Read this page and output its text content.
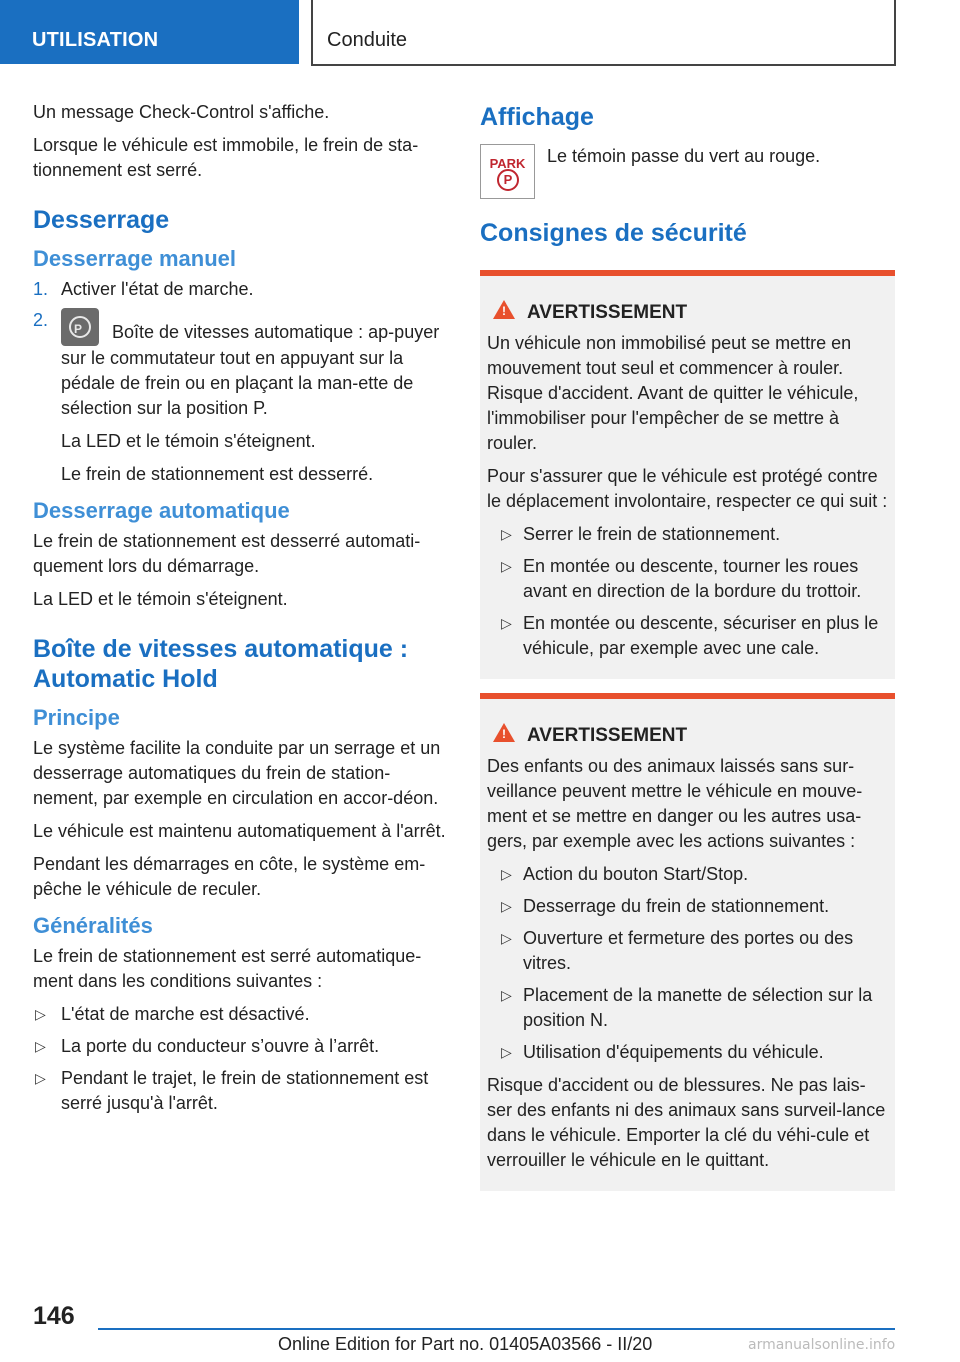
UTILISATION	Conduite

Un message Check-Control s'affiche.

Lorsque le véhicule est immobile, le frein de sta-tionnement est serré.

Desserrage
Desserrage manuel
1. Activer l'état de marche.
2.
P Boîte de vitesses automatique : ap-puyer sur le commutateur tout en appuyant sur la pédale de frein ou en plaçant la man-ette de sélection sur la position P.
La LED et le témoin s'éteignent.
Le frein de stationnement est desserré.
Desserrage automatique

Le frein de stationnement est desserré automati-quement lors du démarrage.

La LED et le témoin s'éteignent.

Boîte de vitesses automatique : Automatic Hold
Principe

Le système facilite la conduite par un serrage et un desserrage automatiques du frein de station-nement, par exemple en circulation en accor-déon.

Le véhicule est maintenu automatiquement à l'arrêt.

Pendant les démarrages en côte, le système em-pêche le véhicule de reculer.

Généralités

Le frein de stationnement est serré automatique-ment dans les conditions suivantes :

▷ L'état de marche est désactivé.
▷ La porte du conducteur s’ouvre à l’arrêt.
▷ Pendant le trajet, le frein de stationnement est serré jusqu'à l'arrêt.
Affichage
PARK
P
Le témoin passe du vert au rouge.
Consignes de sécurité
!AVERTISSEMENT

Un véhicule non immobilisé peut se mettre en mouvement tout seul et commencer à rouler. Risque d'accident. Avant de quitter le véhicule, l'immobiliser pour l'empêcher de se mettre à rouler.

Pour s'assurer que le véhicule est protégé contre le déplacement involontaire, respecter ce qui suit :

▷ Serrer le frein de stationnement.
▷ En montée ou descente, tourner les roues avant en direction de la bordure du trottoir.
▷ En montée ou descente, sécuriser en plus le véhicule, par exemple avec une cale.
!AVERTISSEMENT

Des enfants ou des animaux laissés sans sur-veillance peuvent mettre le véhicule en mouve-ment et se mettre en danger ou les autres usa-gers, par exemple avec les actions suivantes :

▷ Action du bouton Start/Stop.
▷ Desserrage du frein de stationnement.
▷ Ouverture et fermeture des portes ou des vitres.
▷ Placement de la manette de sélection sur la position N.
▷ Utilisation d'équipements du véhicule.

Risque d'accident ou de blessures. Ne pas lais-ser des enfants ni des animaux sans surveil-lance dans le véhicule. Emporter la clé du véhi-cule et verrouiller le véhicule en le quittant.

146
Online Edition for Part no. 01405A03566 - II/20	armanualsonline.info
